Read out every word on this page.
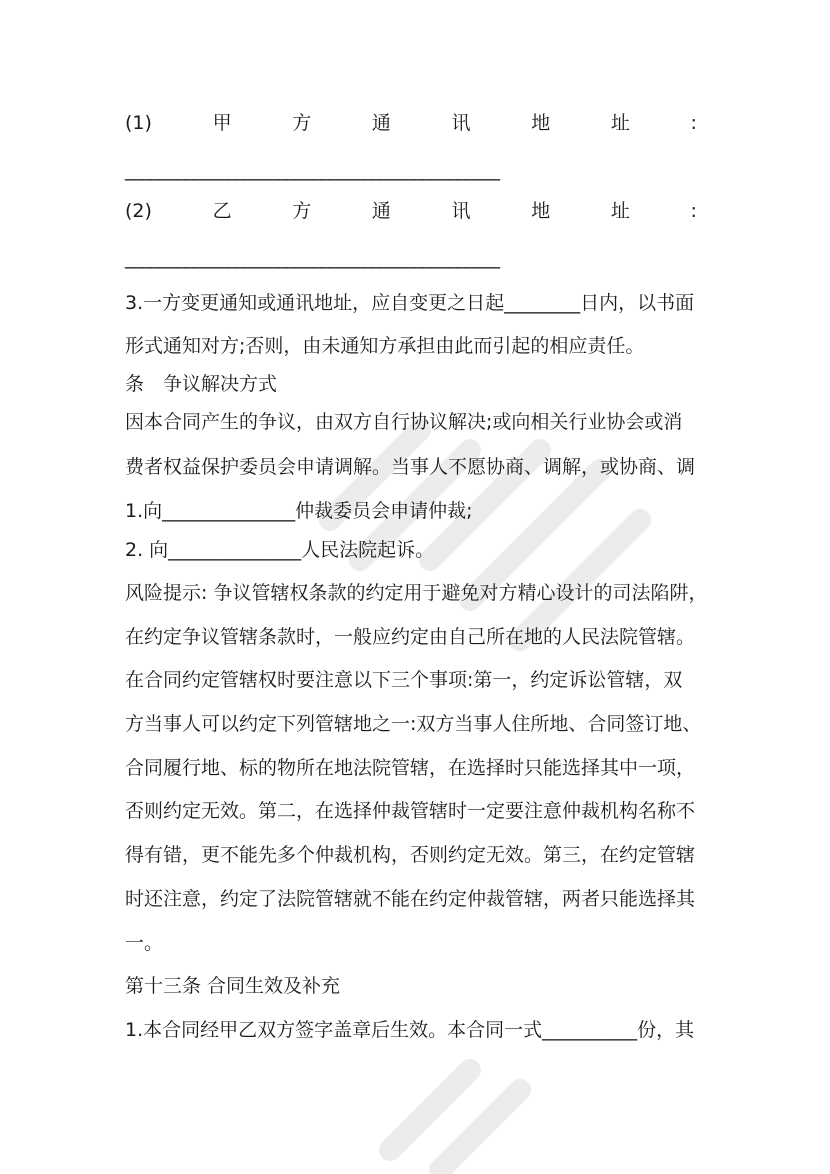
(1)	甲	方	通	讯	地	址	:
____________________________________________
(2)	乙	方	通	讯	地	址	:
____________________________________________
3.一方变更通知或通讯地址，应自变更之日起________日内，以书面
形式通知对方;否则，由未通知方承担由此而引起的相应责任。
条　争议解决方式
因本合同产生的争议，由双方自行协议解决;或向相关行业协会或消
费者权益保护委员会申请调解。当事人不愿协商、调解，或协商、调
1.向______________仲裁委员会申请仲裁;
2. 向______________人民法院起诉。
风险提示: 争议管辖权条款的约定用于避免对方精心设计的司法陷阱，
在约定争议管辖条款时，一般应约定由自己所在地的人民法院管辖。
在合同约定管辖权时要注意以下三个事项:第一，约定诉讼管辖，双
方当事人可以约定下列管辖地之一:双方当事人住所地、合同签订地、
合同履行地、标的物所在地法院管辖，在选择时只能选择其中一项，
否则约定无效。第二，在选择仲裁管辖时一定要注意仲裁机构名称不
得有错，更不能先多个仲裁机构，否则约定无效。第三，在约定管辖
时还注意，约定了法院管辖就不能在约定仲裁管辖，两者只能选择其
一。
第十三条 合同生效及补充
1.本合同经甲乙双方签字盖章后生效。本合同一式__________份，其
